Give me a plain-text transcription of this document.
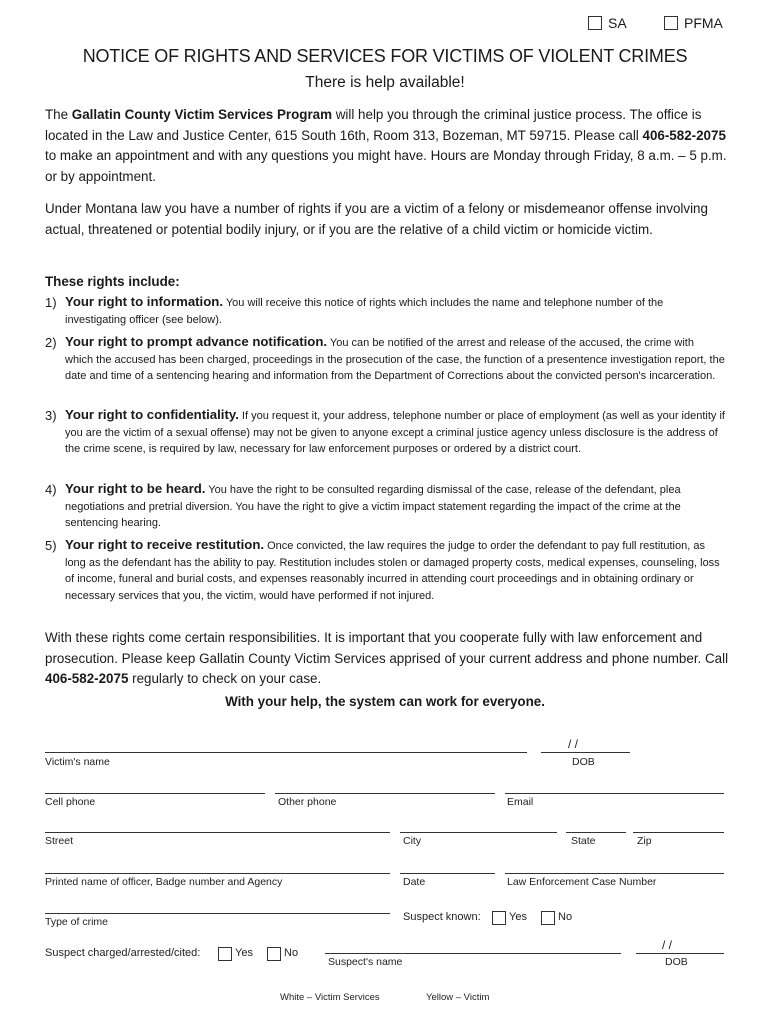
SA	PFMA
NOTICE OF RIGHTS AND SERVICES FOR VICTIMS OF VIOLENT CRIMES
There is help available!
The Gallatin County Victim Services Program will help you through the criminal justice process. The office is located in the Law and Justice Center, 615 South 16th, Room 313, Bozeman, MT 59715. Please call 406-582-2075 to make an appointment and with any questions you might have. Hours are Monday through Friday, 8 a.m. – 5 p.m. or by appointment.
Under Montana law you have a number of rights if you are a victim of a felony or misdemeanor offense involving actual, threatened or potential bodily injury, or if you are the relative of a child victim or homicide victim.
These rights include:
1) Your right to information. You will receive this notice of rights which includes the name and telephone number of the investigating officer (see below).
2) Your right to prompt advance notification. You can be notified of the arrest and release of the accused, the crime with which the accused has been charged, proceedings in the prosecution of the case, the function of a presentence investigation report, the date and time of a sentencing hearing and information from the Department of Corrections about the convicted person's incarceration.
3) Your right to confidentiality. If you request it, your address, telephone number or place of employment (as well as your identity if you are the victim of a sexual offense) may not be given to anyone except a criminal justice agency unless disclosure is the address of the crime scene, is required by law, necessary for law enforcement purposes or ordered by a district court.
4) Your right to be heard. You have the right to be consulted regarding dismissal of the case, release of the defendant, plea negotiations and pretrial diversion. You have the right to give a victim impact statement regarding the impact of the crime at the sentencing hearing.
5) Your right to receive restitution. Once convicted, the law requires the judge to order the defendant to pay full restitution, as long as the defendant has the ability to pay. Restitution includes stolen or damaged property costs, medical expenses, counseling, loss of income, funeral and burial costs, and expenses reasonably incurred in attending court proceedings and in obtaining ordinary or necessary services that you, the victim, would have performed if not injured.
With these rights come certain responsibilities. It is important that you cooperate fully with law enforcement and prosecution. Please keep Gallatin County Victim Services apprised of your current address and phone number. Call 406-582-2075 regularly to check on your case.
With your help, the system can work for everyone.
Victim's name
/ /
DOB
Cell phone	Other phone	Email
Street	City	State	Zip
Printed name of officer, Badge number and Agency	Date	Law Enforcement Case Number
Type of crime	Suspect known:	Yes	No
Suspect charged/arrested/cited:	Yes	No
Suspect's name
/ /
DOB
White – Victim Services	Yellow – Victim
